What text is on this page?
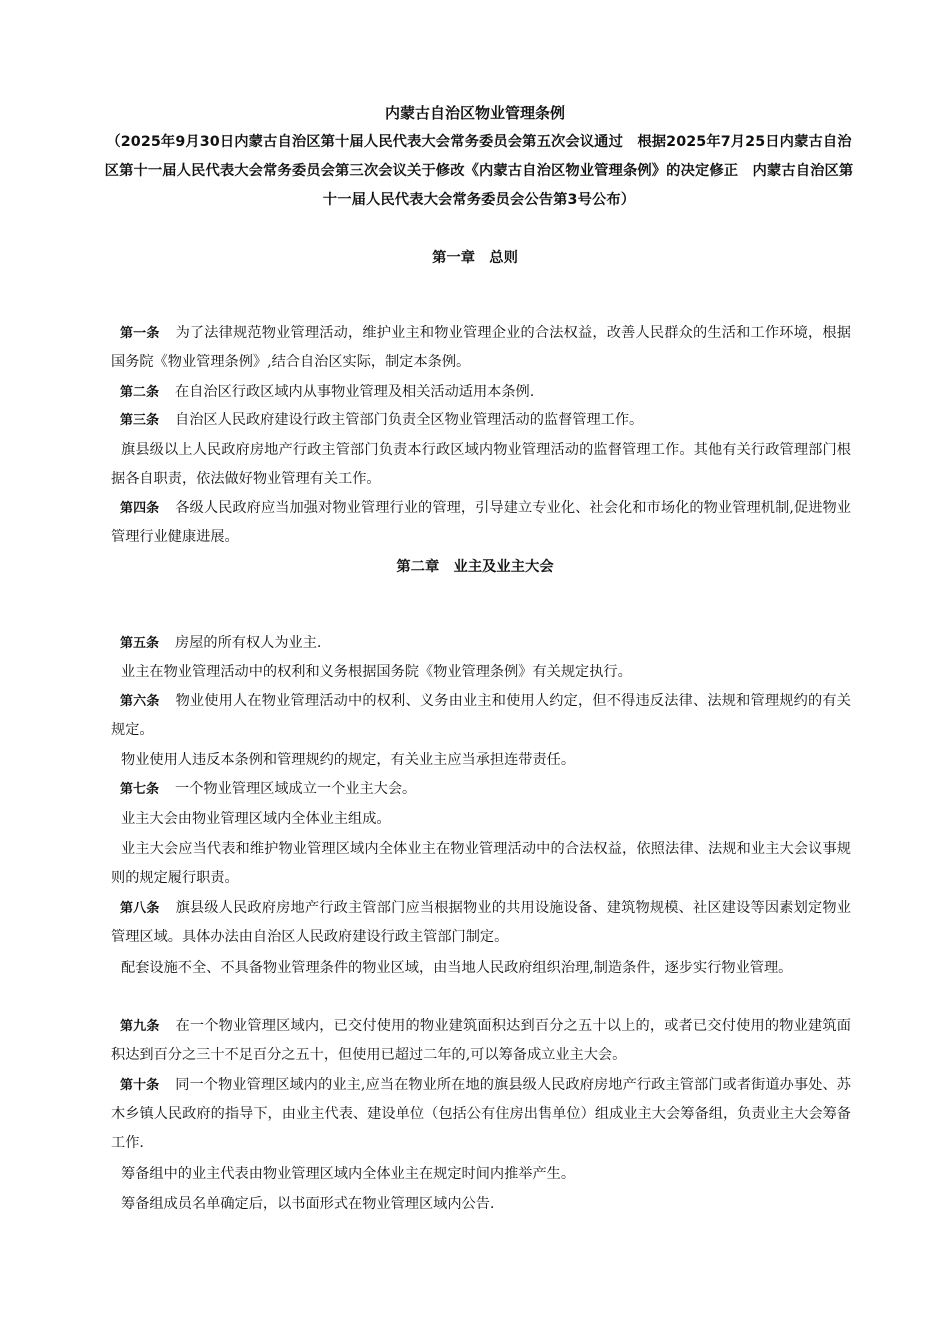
内蒙古自治区物业管理条例
（2025年9月30日内蒙古自治区第十届人民代表大会常务委员会第五次会议通过　根据2025年7月25日内蒙古自治区第十一届人民代表大会常务委员会第三次会议关于修改《内蒙古自治区物业管理条例》的决定修正　内蒙古自治区第十一届人民代表大会常务委员会公告第3号公布）
第一章　总则
第一条 为了法律规范物业管理活动，维护业主和物业管理企业的合法权益，改善人民群众的生活和工作环境，根据国务院《物业管理条例》,结合自治区实际，制定本条例。
第二条 在自治区行政区域内从事物业管理及相关活动适用本条例.
第三条 自治区人民政府建设行政主管部门负责全区物业管理活动的监督管理工作。
旗县级以上人民政府房地产行政主管部门负责本行政区域内物业管理活动的监督管理工作。其他有关行政管理部门根据各自职责，依法做好物业管理有关工作。
第四条 各级人民政府应当加强对物业管理行业的管理，引导建立专业化、社会化和市场化的物业管理机制,促进物业管理行业健康进展。
第二章　业主及业主大会
第五条 房屋的所有权人为业主.
业主在物业管理活动中的权利和义务根据国务院《物业管理条例》有关规定执行。
第六条 物业使用人在物业管理活动中的权利、义务由业主和使用人约定，但不得违反法律、法规和管理规约的有关规定。
物业使用人违反本条例和管理规约的规定，有关业主应当承担连带责任。
第七条 一个物业管理区域成立一个业主大会。
业主大会由物业管理区域内全体业主组成。
业主大会应当代表和维护物业管理区域内全体业主在物业管理活动中的合法权益，依照法律、法规和业主大会议事规则的规定履行职责。
第八条 旗县级人民政府房地产行政主管部门应当根据物业的共用设施设备、建筑物规模、社区建设等因素划定物业管理区域。具体办法由自治区人民政府建设行政主管部门制定。
配套设施不全、不具备物业管理条件的物业区域，由当地人民政府组织治理,制造条件，逐步实行物业管理。
第九条 在一个物业管理区域内，已交付使用的物业建筑面积达到百分之五十以上的，或者已交付使用的物业建筑面积达到百分之三十不足百分之五十，但使用已超过二年的,可以筹备成立业主大会。
第十条 同一个物业管理区域内的业主,应当在物业所在地的旗县级人民政府房地产行政主管部门或者街道办事处、苏木乡镇人民政府的指导下，由业主代表、建设单位（包括公有住房出售单位）组成业主大会筹备组，负责业主大会筹备工作.
筹备组中的业主代表由物业管理区域内全体业主在规定时间内推举产生。
筹备组成员名单确定后，以书面形式在物业管理区域内公告.
